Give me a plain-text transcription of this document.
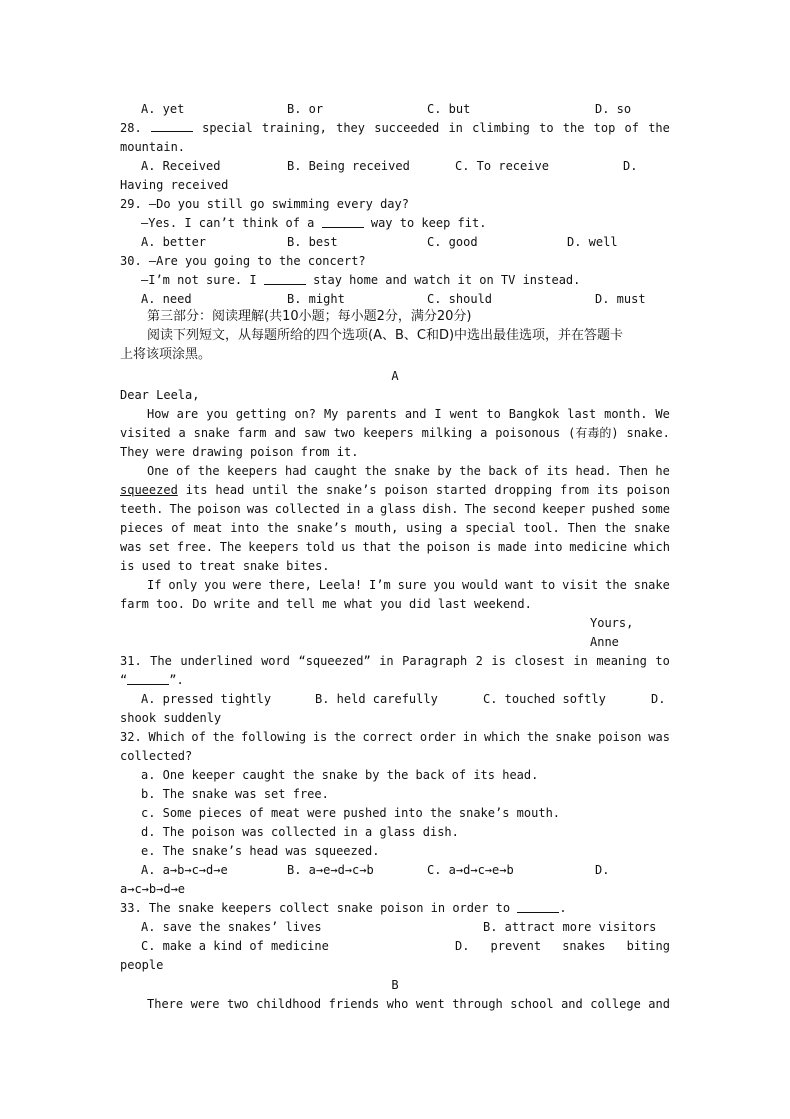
A. yet	B. or	C. but	D. so
28.	special training, they succeeded in climbing to the top of the
mountain.
A. Received	B. Being received	C. To receive	D.
Having received
29. —Do you still go swimming every day?
—Yes. I can’t think of a	way to keep fit.
A. better	B. best	C. good	D. well
30. —Are you going to the concert?
—I’m not sure. I	stay home and watch it on TV instead.
A. need	B. might	C. should	D. must
第三部分：阅读理解(共10小题；每小题2分，满分20分)
阅读下列短文，从每题所给的四个选项(A、B、C和D)中选出最佳选项，并在答题卡
上将该项涂黑。
A
Dear Leela,
How are you getting on? My parents and I went to Bangkok last month. We
visited a snake farm and saw two keepers milking a poisonous (有毒的) snake.
They were drawing poison from it.
One of the keepers had caught the snake by the back of its head. Then he
squeezed its head until the snake’s poison started dropping from its poison
teeth. The poison was collected in a glass dish. The second keeper pushed some
pieces of meat into the snake’s mouth, using a special tool. Then the snake
was set free. The keepers told us that the poison is made into medicine which
is used to treat snake bites.
If only you were there, Leela! I’m sure you would want to visit the snake
farm too. Do write and tell me what you did last weekend.
Yours,
Anne
31. The underlined word “squeezed” in Paragraph 2 is closest in meaning to
“	”.
A. pressed tightly	B. held carefully	C. touched softly	D.
shook suddenly
32. Which of the following is the correct order in which the snake poison was
collected?
a. One keeper caught the snake by the back of its head.
b. The snake was set free.
c. Some pieces of meat were pushed into the snake’s mouth.
d. The poison was collected in a glass dish.
e. The snake’s head was squeezed.
A. a→b→c→d→e	B. a→e→d→c→b	C. a→d→c→e→b	D.
a→c→b→d→e
33. The snake keepers collect snake poison in order to	.
A. save the snakes’ lives	B. attract more visitors
C. make a kind of medicine	D. prevent snakes biting
people
B
There were two childhood friends who went through school and college and
